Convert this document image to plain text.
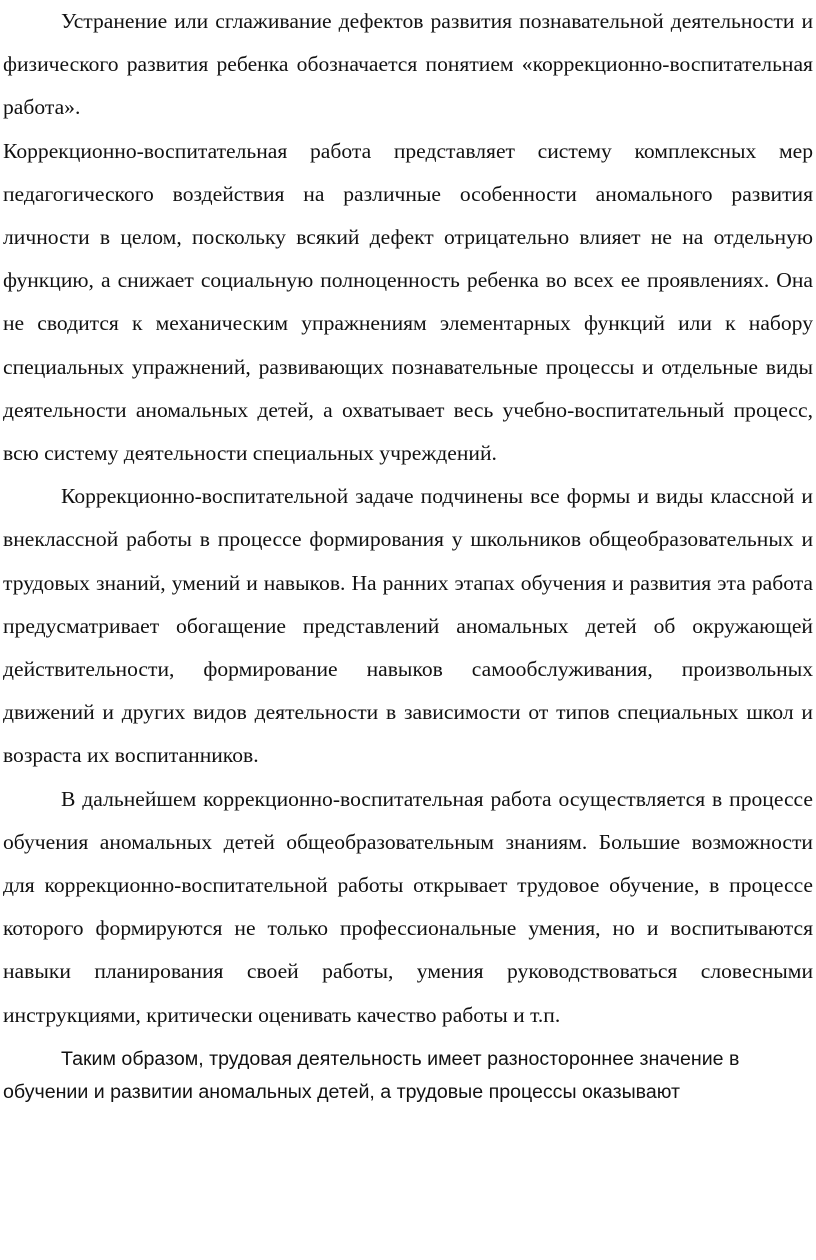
Устранение или сглаживание дефектов развития познавательной деятельности и физического развития ребенка обозначается понятием «коррекционно-воспитательная работа».

Коррекционно-воспитательная работа представляет систему комплексных мер педагогического воздействия на различные особенности аномального развития личности в целом, поскольку всякий дефект отрицательно влияет не на отдельную функцию, а снижает социальную полноценность ребенка во всех ее проявлениях. Она не сводится к механическим упражнениям элементарных функций или к набору специальных упражнений, развивающих познавательные процессы и отдельные виды деятельности аномальных детей, а охватывает весь учебно-воспитательный процесс, всю систему деятельности специальных учреждений.

Коррекционно-воспитательной задаче подчинены все формы и виды классной и внеклассной работы в процессе формирования у школьников общеобразовательных и трудовых знаний, умений и навыков. На ранних этапах обучения и развития эта работа предусматривает обогащение представлений аномальных детей об окружающей действительности, формирование навыков самообслуживания, произвольных движений и других видов деятельности в зависимости от типов специальных школ и возраста их воспитанников.

В дальнейшем коррекционно-воспитательная работа осуществляется в процессе обучения аномальных детей общеобразовательным знаниям. Большие возможности для коррекционно-воспитательной работы открывает трудовое обучение, в процессе которого формируются не только профессиональные умения, но и воспитываются навыки планирования своей работы, умения руководствоваться словесными инструкциями, критически оценивать качество работы и т.п.

Таким образом, трудовая деятельность имеет разностороннее значение в обучении и развитии аномальных детей, а трудовые процессы оказывают
